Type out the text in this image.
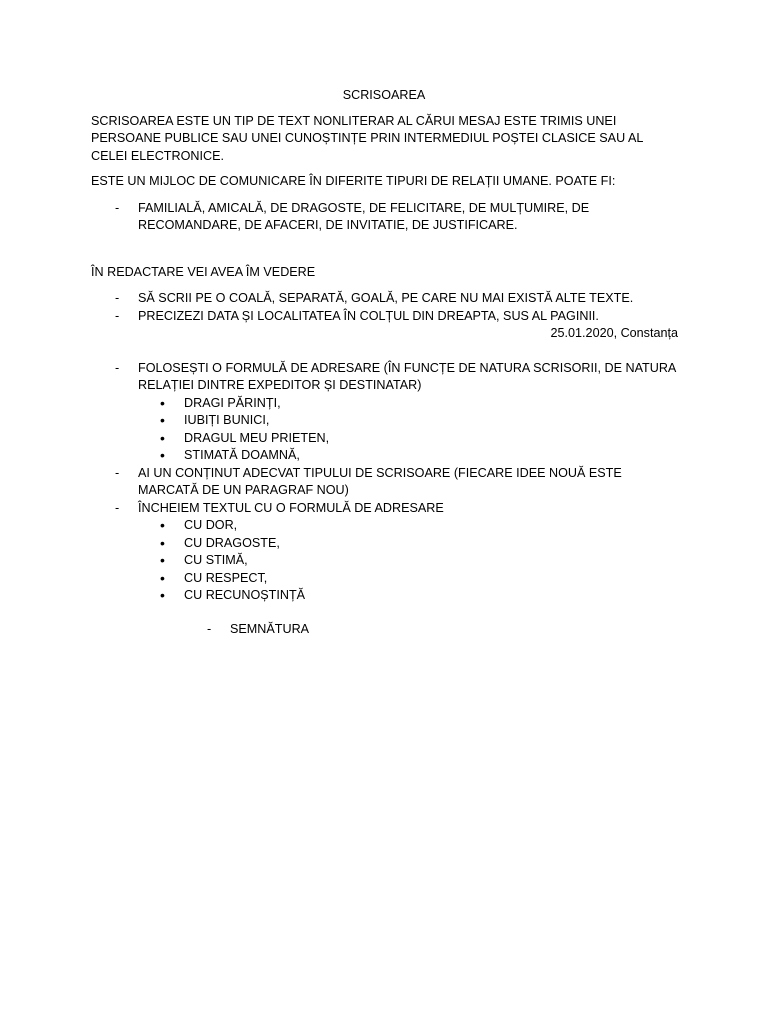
SCRISOAREA

SCRISOAREA ESTE UN TIP DE TEXT NONLITERAR AL CĂRUI MESAJ ESTE TRIMIS UNEI PERSOANE PUBLICE SAU UNEI CUNOȘTINȚE PRIN INTERMEDIUL POȘTEI CLASICE SAU AL CELEI ELECTRONICE.

ESTE UN MIJLOC DE COMUNICARE ÎN DIFERITE TIPURI DE RELAȚII UMANE. POATE FI:

- FAMILIALĂ, AMICALĂ, DE DRAGOSTE, DE FELICITARE, DE MULȚUMIRE, DE RECOMANDARE, DE AFACERI, DE INVITATIE, DE JUSTIFICARE.

ÎN REDACTARE VEI AVEA ÎM VEDERE

- SĂ SCRII PE O COALĂ, SEPARATĂ, GOALĂ, PE CARE NU MAI EXISTĂ ALTE TEXTE.
- PRECIZEZI DATA ȘI LOCALITATEA ÎN COLȚUL DIN DREAPTA, SUS AL PAGINII.
25.01.2020, Constanța
- FOLOSEȘTI O FORMULĂ DE ADRESARE (ÎN FUNCȚE DE NATURA SCRISORII, DE NATURA RELAȚIEI DINTRE EXPEDITOR ȘI DESTINATAR)
• DRAGI PĂRINȚI,
• IUBIȚI BUNICI,
• DRAGUL MEU PRIETEN,
• STIMATĂ DOAMNĂ,
- AI UN CONȚINUT ADECVAT TIPULUI DE SCRISOARE (FIECARE IDEE NOUĂ ESTE MARCATĂ DE UN PARAGRAF NOU)
- ÎNCHEIEM TEXTUL CU O FORMULĂ DE ADRESARE
• CU DOR,
• CU DRAGOSTE,
• CU STIMĂ,
• CU RESPECT,
• CU RECUNOȘTINȚĂ
- SEMNĂTURA
